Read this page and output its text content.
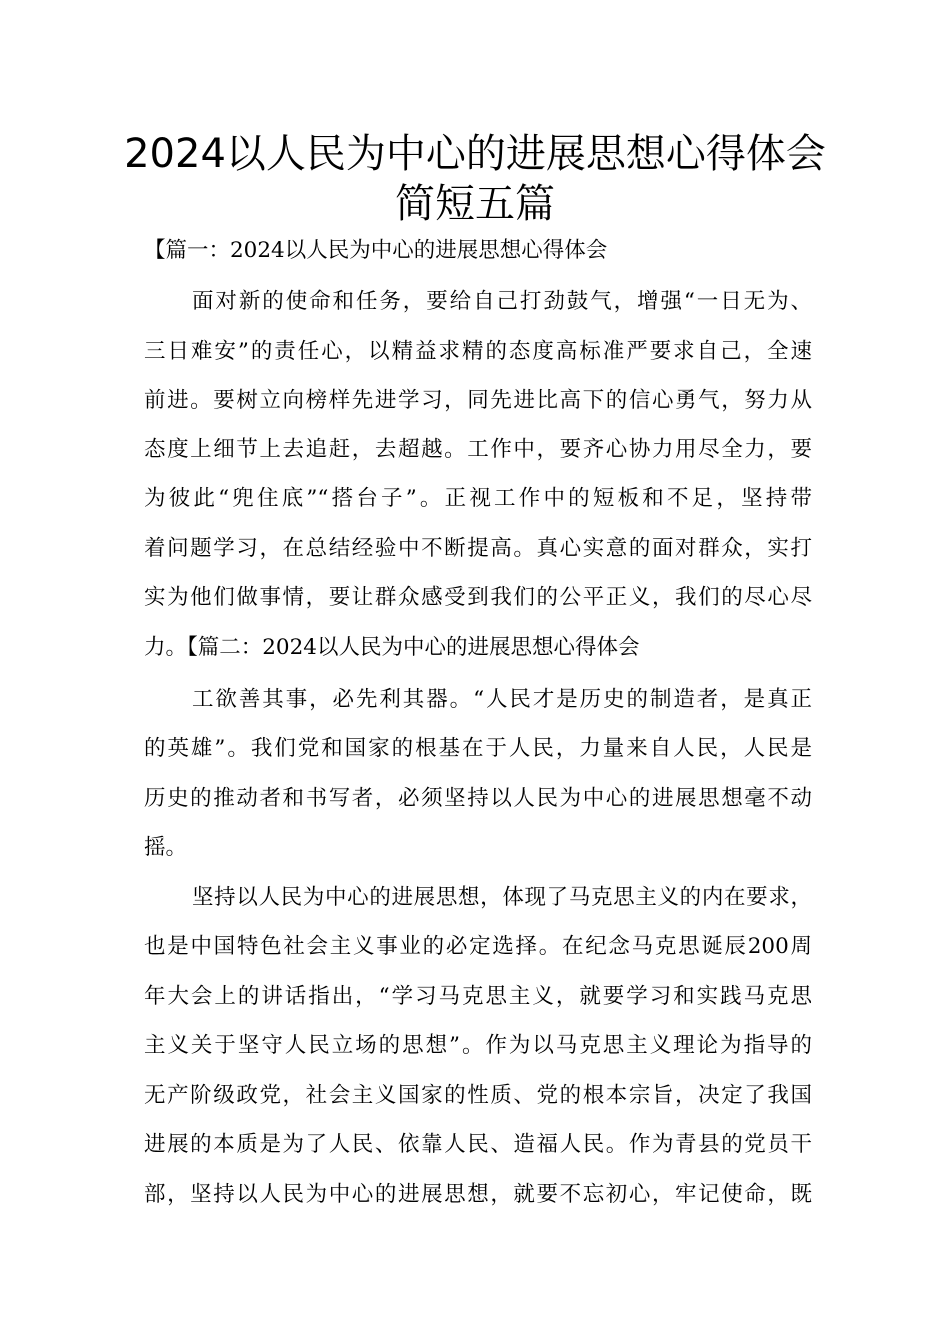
2024以人民为中心的进展思想心得体会
简短五篇
【篇一：2024以人民为中心的进展思想心得体会
面对新的使命和任务，要给自己打劲鼓气，增强“一日无为、
三日难安”的责任心，以精益求精的态度高标准严要求自己，全速
前进。要树立向榜样先进学习，同先进比高下的信心勇气，努力从
态度上细节上去追赶，去超越。工作中，要齐心协力用尽全力，要
为彼此“兜住底”“搭台子”。正视工作中的短板和不足，坚持带
着问题学习，在总结经验中不断提高。真心实意的面对群众，实打
实为他们做事情，要让群众感受到我们的公平正义，我们的尽心尽
力。【篇二：2024以人民为中心的进展思想心得体会
工欲善其事，必先利其器。“人民才是历史的制造者，是真正
的英雄”。我们党和国家的根基在于人民，力量来自人民，人民是
历史的推动者和书写者，必须坚持以人民为中心的进展思想毫不动
摇。
坚持以人民为中心的进展思想，体现了马克思主义的内在要求，
也是中国特色社会主义事业的必定选择。在纪念马克思诞辰200周
年大会上的讲话指出，“学习马克思主义，就要学习和实践马克思
主义关于坚守人民立场的思想”。作为以马克思主义理论为指导的
无产阶级政党，社会主义国家的性质、党的根本宗旨，决定了我国
进展的本质是为了人民、依靠人民、造福人民。作为青县的党员干
部，坚持以人民为中心的进展思想，就要不忘初心，牢记使命，既
